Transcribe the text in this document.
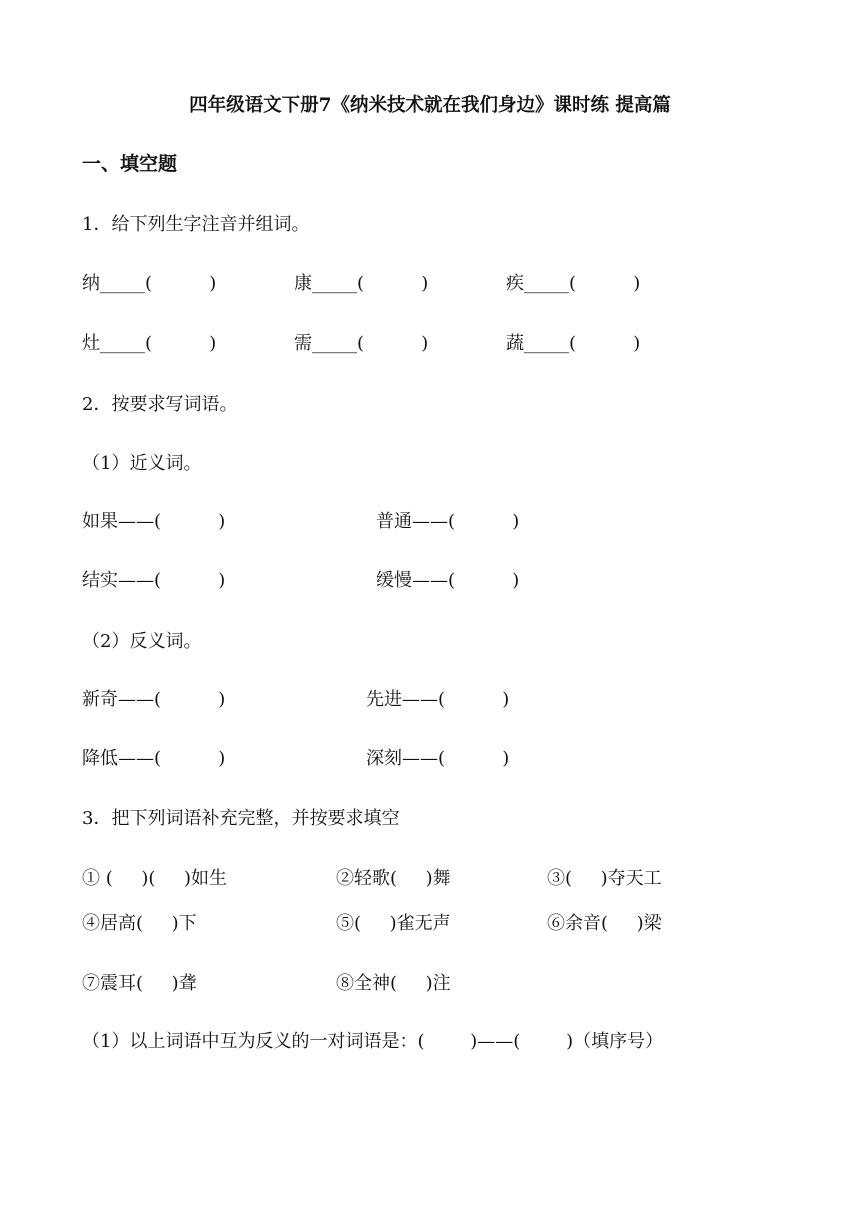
四年级语文下册7《纳米技术就在我们身边》课时练 提高篇
一、填空题
1．给下列生字注音并组词。
纳_____(          )	康_____(          )	疾_____(          )
灶_____(          )	需_____(          )	蔬_____(          )
2．按要求写词语。
（1）近义词。
如果——(          )	普通——(          )
结实——(          )	缓慢——(          )
（2）反义词。
新奇——(          )	先进——(          )
降低——(          )	深刻——(          )
3．把下列词语补充完整，并按要求填空
① (     )(     )如生	②轻歌(     )舞	③(     )夺天工
④居高(     )下	⑤(     )雀无声	⑥余音(     )梁
⑦震耳(     )聋	⑧全神(     )注
（1）以上词语中互为反义的一对词语是：(        )——(        )（填序号）
